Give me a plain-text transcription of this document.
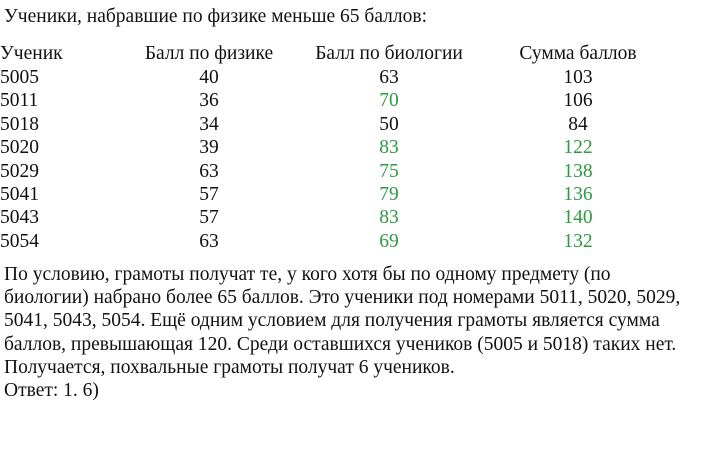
Ученики, набравшие по физике меньше 65 баллов:
Ученик	Балл по физике	Балл по биологии	Сумма баллов
5005	40	63	103
5011	36	70	106
5018	34	50	84
5020	39	83	122
5029	63	75	138
5041	57	79	136
5043	57	83	140
5054	63	69	132

По условию, грамоты получат те, у кого хотя бы по одному предмету (по биологии) набрано более 65 баллов. Это ученики под номерами 5011, 5020, 5029, 5041, 5043, 5054. Ещё одним условием для получения грамоты является сумма баллов, превышающая 120. Среди оставшихся учеников (5005 и 5018) таких нет. Получается, похвальные грамоты получат 6 учеников.

Ответ: 1. 6)
